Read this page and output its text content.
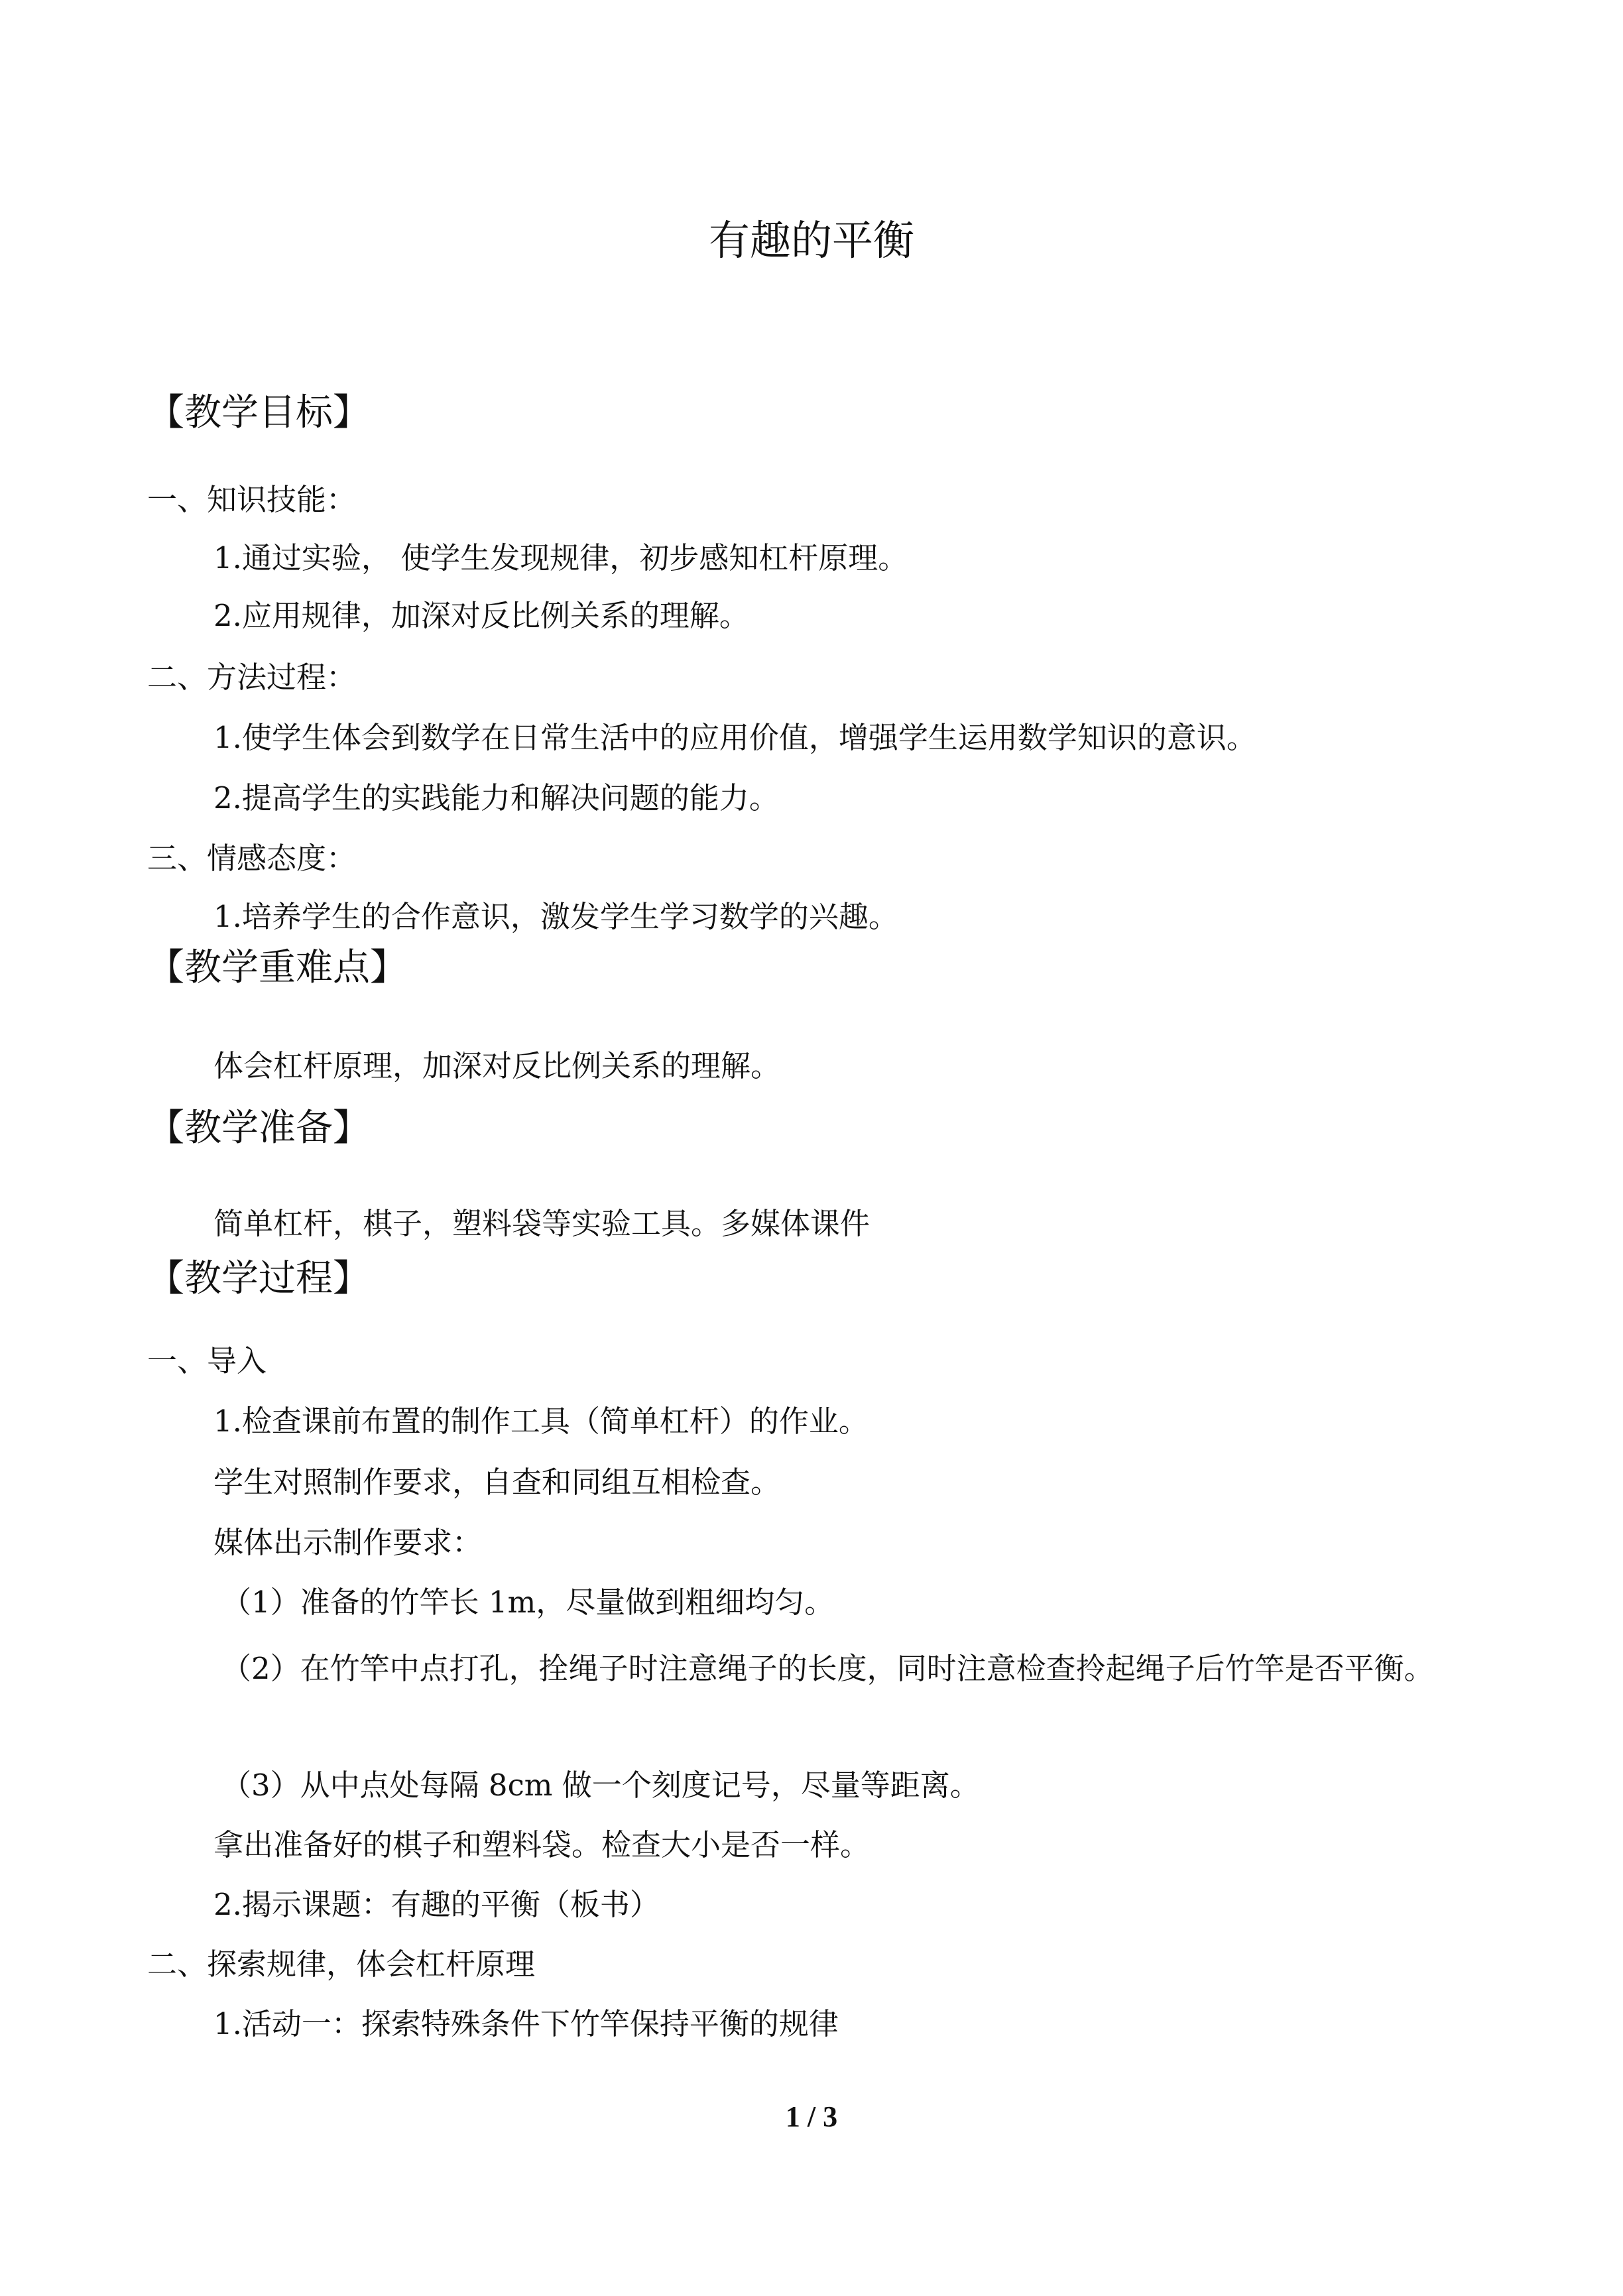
有趣的平衡
【教学目标】
一、知识技能：
1.通过实验， 使学生发现规律，初步感知杠杆原理。
2.应用规律，加深对反比例关系的理解。
二、方法过程：
1.使学生体会到数学在日常生活中的应用价值，增强学生运用数学知识的意识。
2.提高学生的实践能力和解决问题的能力。
三、情感态度：
1.培养学生的合作意识，激发学生学习数学的兴趣。
【教学重难点】
体会杠杆原理，加深对反比例关系的理解。
【教学准备】
简单杠杆，棋子，塑料袋等实验工具。多媒体课件
【教学过程】
一、导入
1.检查课前布置的制作工具（简单杠杆）的作业。
学生对照制作要求，自查和同组互相检查。
媒体出示制作要求：
（1）准备的竹竿长 1m，尽量做到粗细均匀。
（2）在竹竿中点打孔，拴绳子时注意绳子的长度，同时注意检查拎起绳子后竹竿是否平衡。
（3）从中点处每隔 8cm 做一个刻度记号，尽量等距离。
拿出准备好的棋子和塑料袋。检查大小是否一样。
2.揭示课题：有趣的平衡（板书）
二、探索规律，体会杠杆原理
1.活动一：探索特殊条件下竹竿保持平衡的规律
1 / 3
